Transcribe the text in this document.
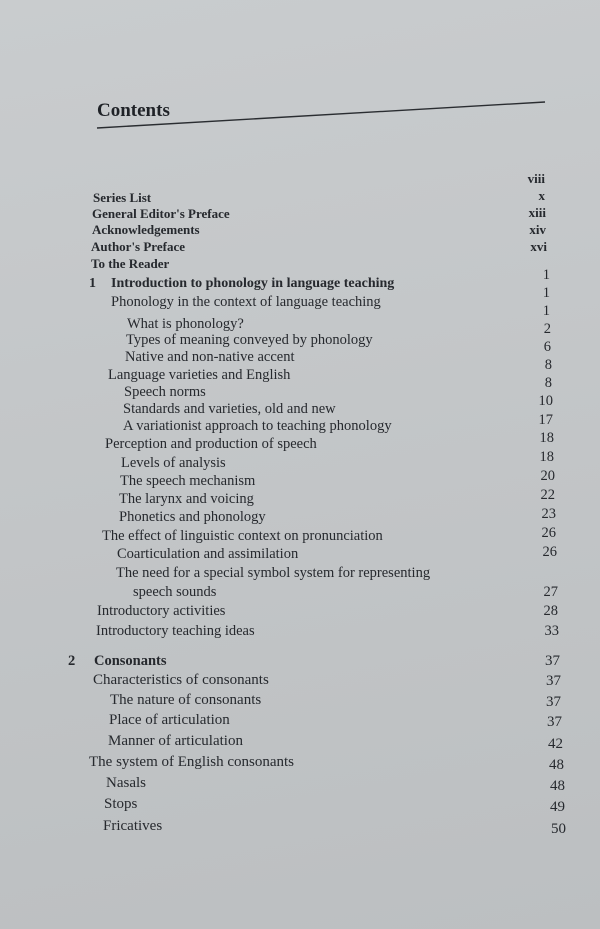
Contents
Series List
General Editor's Preface
Acknowledgements
Author's Preface
To the Reader
viii
x
xiii
xiv
xvi
1 Introduction to phonology in language teaching
Phonology in the context of language teaching
What is phonology?
Types of meaning conveyed by phonology
Native and non-native accent
Language varieties and English
Speech norms
Standards and varieties, old and new
A variationist approach to teaching phonology
Perception and production of speech
Levels of analysis
The speech mechanism
The larynx and voicing
Phonetics and phonology
The effect of linguistic context on pronunciation
Coarticulation and assimilation
The need for a special symbol system for representing
speech sounds
Introductory activities
Introductory teaching ideas
2 Consonants
Characteristics of consonants
The nature of consonants
Place of articulation
Manner of articulation
The system of English consonants
Nasals
Stops
Fricatives
1
1
1
2
6
8
8
10
17
18
18
20
22
23
26
26
27
28
33
37
37
37
37
42
48
48
49
50
